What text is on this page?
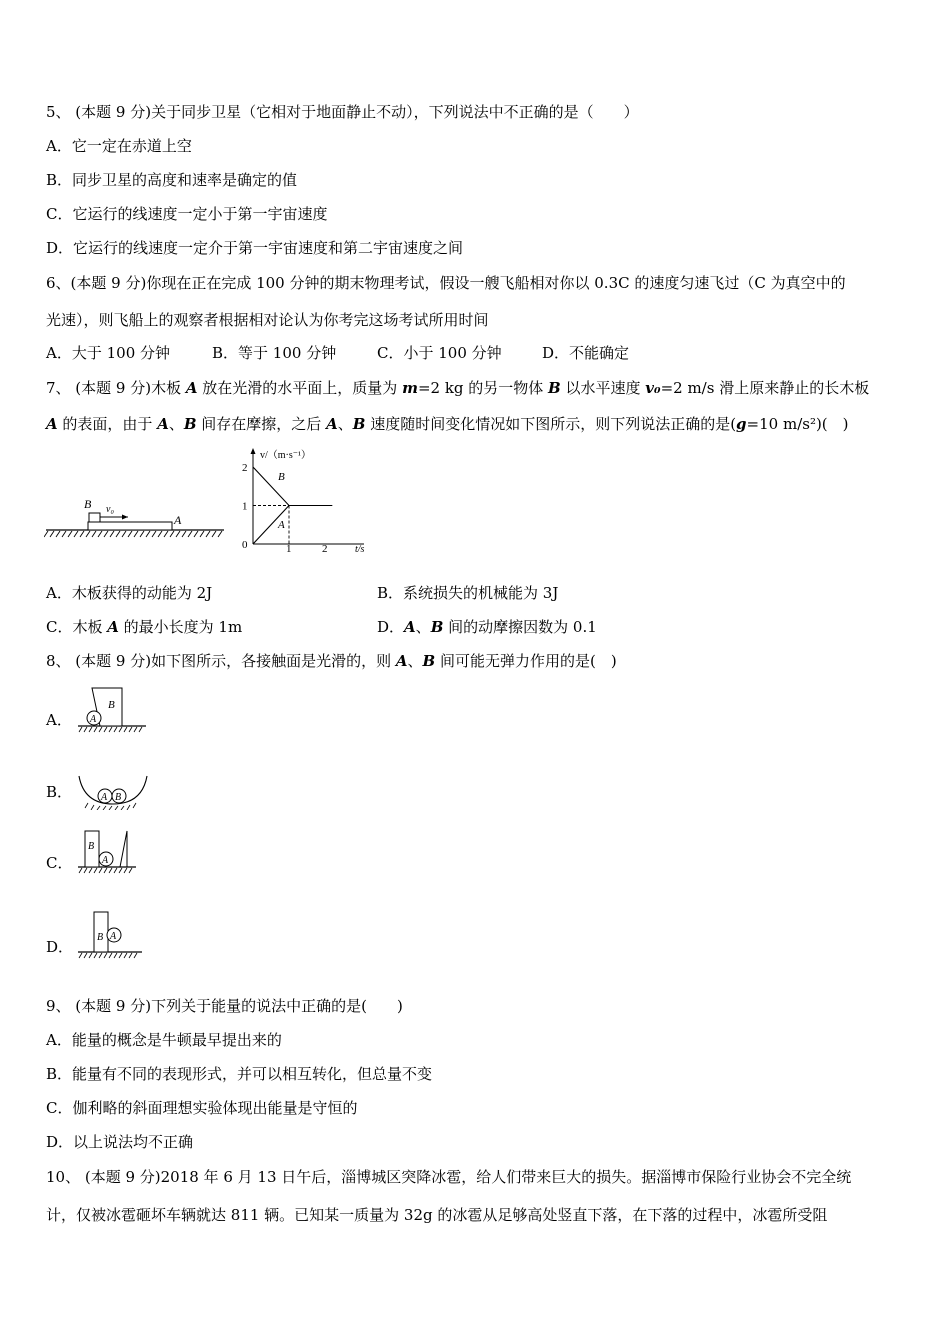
5、 (本题 9 分)关于同步卫星（它相对于地面静止不动），下列说法中不正确的是（　　）
A．它一定在赤道上空
B．同步卫星的高度和速率是确定的值
C．它运行的线速度一定小于第一宇宙速度
D．它运行的线速度一定介于第一宇宙速度和第二宇宙速度之间
6、(本题 9 分)你现在正在完成 100 分钟的期末物理考试，假设一艘飞船相对你以 0.3C 的速度匀速飞过（C 为真空中的
光速），则飞船上的观察者根据相对论认为你考完这场考试所用时间
A．大于 100 分钟	B．等于 100 分钟	C．小于 100 分钟	D．不能确定
7、 (本题 9 分)木板 A 放在光滑的水平面上，质量为 m=2 kg 的另一物体 B 以水平速度 v₀=2 m/s 滑上原来静止的长木板
A 的表面，由于 A、B 间存在摩擦，之后 A、B 速度随时间变化情况如下图所示，则下列说法正确的是(g=10 m/s²)(　)
B v₀
A
v/（m·s⁻¹）
t/s
2
1
0	1	2
B
A
A．木板获得的动能为 2J	B．系统损失的机械能为 3J
C．木板 A 的最小长度为 1m	D．A、B 间的动摩擦因数为 0.1
8、 (本题 9 分)如下图所示，各接触面是光滑的，则 A、B 间可能无弹力作用的是(　)
A． A
B
B．	A B
C．	A
B
D．
A
B
9、 (本题 9 分)下列关于能量的说法中正确的是(　　)
A．能量的概念是牛顿最早提出来的
B．能量有不同的表现形式，并可以相互转化，但总量不变
C．伽利略的斜面理想实验体现出能量是守恒的
D．以上说法均不正确
10、 (本题 9 分)2018 年 6 月 13 日午后，淄博城区突降冰雹，给人们带来巨大的损失。据淄博市保险行业协会不完全统
计，仅被冰雹砸坏车辆就达 811 辆。已知某一质量为 32g 的冰雹从足够高处竖直下落，在下落的过程中，冰雹所受阻
